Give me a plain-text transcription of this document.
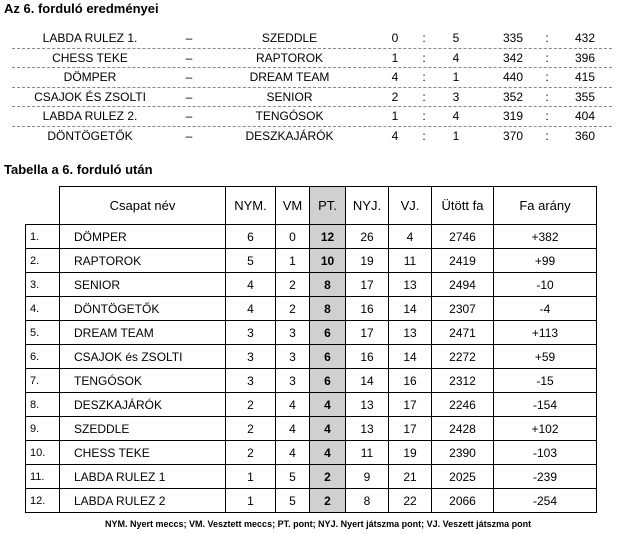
Az 6. forduló eredményei
LABDA RULEZ 1.	–	SZEDDLE	0	:	5	335	:	432
CHESS TEKE	–	RAPTOROK	1	:	4	342	:	396
DÖMPER	–	DREAM TEAM	4	:	1	440	:	415
CSAJOK ÉS ZSOLTI	–	SENIOR	2	:	3	352	:	355
LABDA RULEZ 2.	–	TENGÓSOK	1	:	4	319	:	404
DÖNTÖGETŐK	–	DESZKAJÁRÓK	4	:	1	370	:	360
Tabella a 6. forduló után
	Csapat név	NYM.	VM	PT.	NYJ.	VJ.	Ütött fa	Fa arány
1.	DÖMPER	6	0	12	26	4	2746	+382
2.	RAPTOROK	5	1	10	19	11	2419	+99
3.	SENIOR	4	2	8	17	13	2494	-10
4.	DÖNTÖGETŐK	4	2	8	16	14	2307	-4
5.	DREAM TEAM	3	3	6	17	13	2471	+113
6.	CSAJOK és ZSOLTI	3	3	6	16	14	2272	+59
7.	TENGÓSOK	3	3	6	14	16	2312	-15
8.	DESZKAJÁRÓK	2	4	4	13	17	2246	-154
9.	SZEDDLE	2	4	4	13	17	2428	+102
10.	CHESS TEKE	2	4	4	11	19	2390	-103
11.	LABDA RULEZ 1	1	5	2	9	21	2025	-239
12.	LABDA RULEZ 2	1	5	2	8	22	2066	-254
NYM. Nyert meccs; VM. Vesztett meccs; PT. pont; NYJ. Nyert játszma pont; VJ. Veszett játszma pont
